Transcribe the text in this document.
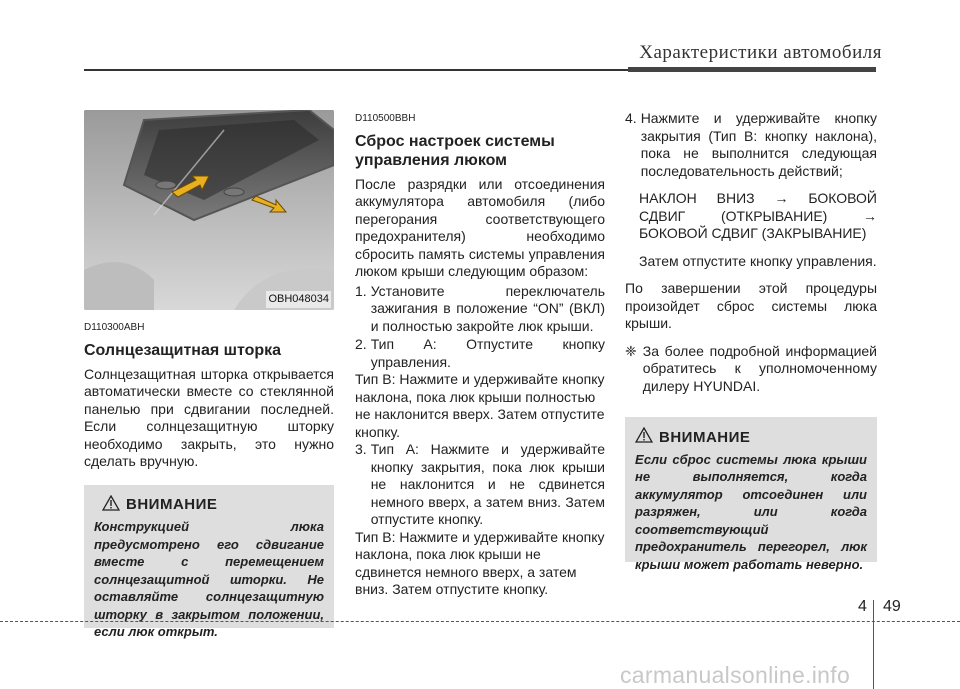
Характеристики автомобиля
OBH048034
D110300ABH
Солнцезащитная шторка
Солнцезащитная шторка открывается автоматически вместе со стеклянной панелью при сдвигании последней. Если солнцезащитную шторку необходимо закрыть, это нужно сделать вручную.
ВНИМАНИЕ
Конструкцией люка предусмотрено его сдвигание вместе с перемещением солнцезащитной шторки. Не оставляйте солнцезащитную шторку в закрытом положении, если люк открыт.
D110500BBH
Сброс настроек системы управления люком
После разрядки или отсоединения аккумулятора автомобиля (либо перегорания соответствующего предохранителя) необходимо сбросить память системы управления люком крыши следующим образом:
1. Установите переключатель зажигания в положение “ON” (ВКЛ) и полностью закройте люк крыши.
2. Тип A: Отпустите кнопку управления.
Тип B: Нажмите и удерживайте кнопку наклона, пока люк крыши полностью не наклонится вверх. Затем отпустите кнопку.
3. Тип A: Нажмите и удерживайте кнопку закрытия, пока люк крыши не наклонится и не сдвинется немного вверх, а затем вниз. Затем отпустите кнопку.
Тип B: Нажмите и удерживайте кнопку наклона, пока люк крыши не сдвинется немного вверх, а затем вниз. Затем отпустите кнопку.
4. Нажмите и удерживайте кнопку закрытия (Тип B: кнопку наклона), пока не выполнится следующая последовательность действий;
НАКЛОН ВНИЗ → БОКОВОЙ СДВИГ (ОТКРЫВАНИЕ) → БОКОВОЙ СДВИГ (ЗАКРЫВАНИЕ)
Затем отпустите кнопку управления.
По завершении этой процедуры произойдет сброс системы люка крыши.
❈ За более подробной информацией обратитесь к уполномоченному дилеру HYUNDAI.
ВНИМАНИЕ
Если сброс системы люка крыши не выполняется, когда аккумулятор отсоединен или разряжен, или когда соответствующий предохранитель перегорел, люк крыши может работать неверно.
4 49
carmanualsonline.info
